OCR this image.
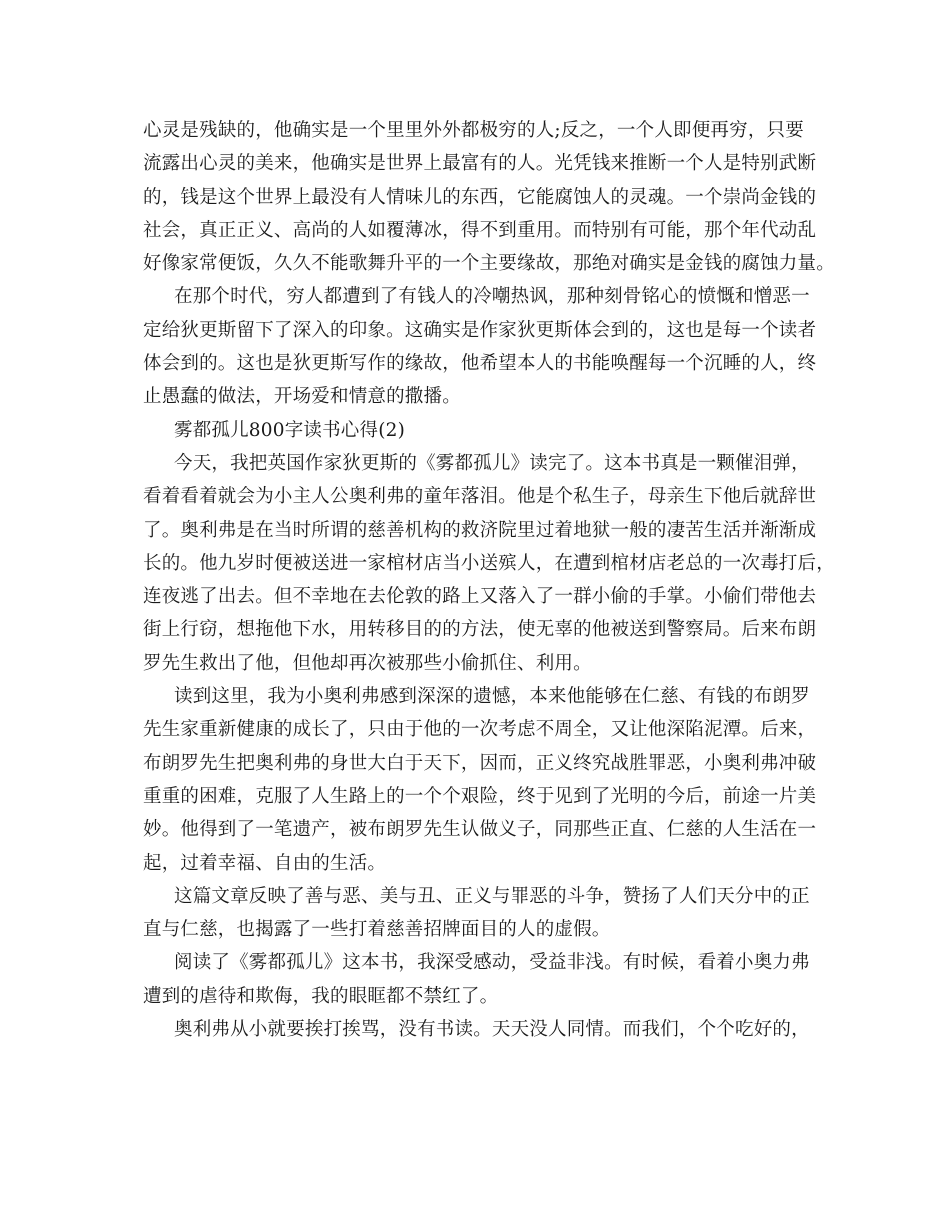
心灵是残缺的，他确实是一个里里外外都极穷的人;反之，一个人即便再穷，只要
流露出心灵的美来，他确实是世界上最富有的人。光凭钱来推断一个人是特别武断
的，钱是这个世界上最没有人情味儿的东西，它能腐蚀人的灵魂。一个崇尚金钱的
社会，真正正义、高尚的人如覆薄冰，得不到重用。而特别有可能，那个年代动乱
好像家常便饭，久久不能歌舞升平的一个主要缘故，那绝对确实是金钱的腐蚀力量。
在那个时代，穷人都遭到了有钱人的冷嘲热讽，那种刻骨铭心的愤慨和憎恶一
定给狄更斯留下了深入的印象。这确实是作家狄更斯体会到的，这也是每一个读者
体会到的。这也是狄更斯写作的缘故，他希望本人的书能唤醒每一个沉睡的人，终
止愚蠢的做法，开场爱和情意的撒播。
雾都孤儿800字读书心得(2)
今天，我把英国作家狄更斯的《雾都孤儿》读完了。这本书真是一颗催泪弹，
看着看着就会为小主人公奥利弗的童年落泪。他是个私生子，母亲生下他后就辞世
了。奥利弗是在当时所谓的慈善机构的救济院里过着地狱一般的凄苦生活并渐渐成
长的。他九岁时便被送进一家棺材店当小送殡人，在遭到棺材店老总的一次毒打后，
连夜逃了出去。但不幸地在去伦敦的路上又落入了一群小偷的手掌。小偷们带他去
街上行窃，想拖他下水，用转移目的的方法，使无辜的他被送到警察局。后来布朗
罗先生救出了他，但他却再次被那些小偷抓住、利用。
读到这里，我为小奥利弗感到深深的遗憾，本来他能够在仁慈、有钱的布朗罗
先生家重新健康的成长了，只由于他的一次考虑不周全，又让他深陷泥潭。后来，
布朗罗先生把奥利弗的身世大白于天下，因而，正义终究战胜罪恶，小奥利弗冲破
重重的困难，克服了人生路上的一个个艰险，终于见到了光明的今后，前途一片美
妙。他得到了一笔遗产，被布朗罗先生认做义子，同那些正直、仁慈的人生活在一
起，过着幸福、自由的生活。
这篇文章反映了善与恶、美与丑、正义与罪恶的斗争，赞扬了人们天分中的正
直与仁慈，也揭露了一些打着慈善招牌面目的人的虚假。
阅读了《雾都孤儿》这本书，我深受感动，受益非浅。有时候，看着小奥力弗
遭到的虐待和欺侮，我的眼眶都不禁红了。
奥利弗从小就要挨打挨骂，没有书读。天天没人同情。而我们，个个吃好的，
